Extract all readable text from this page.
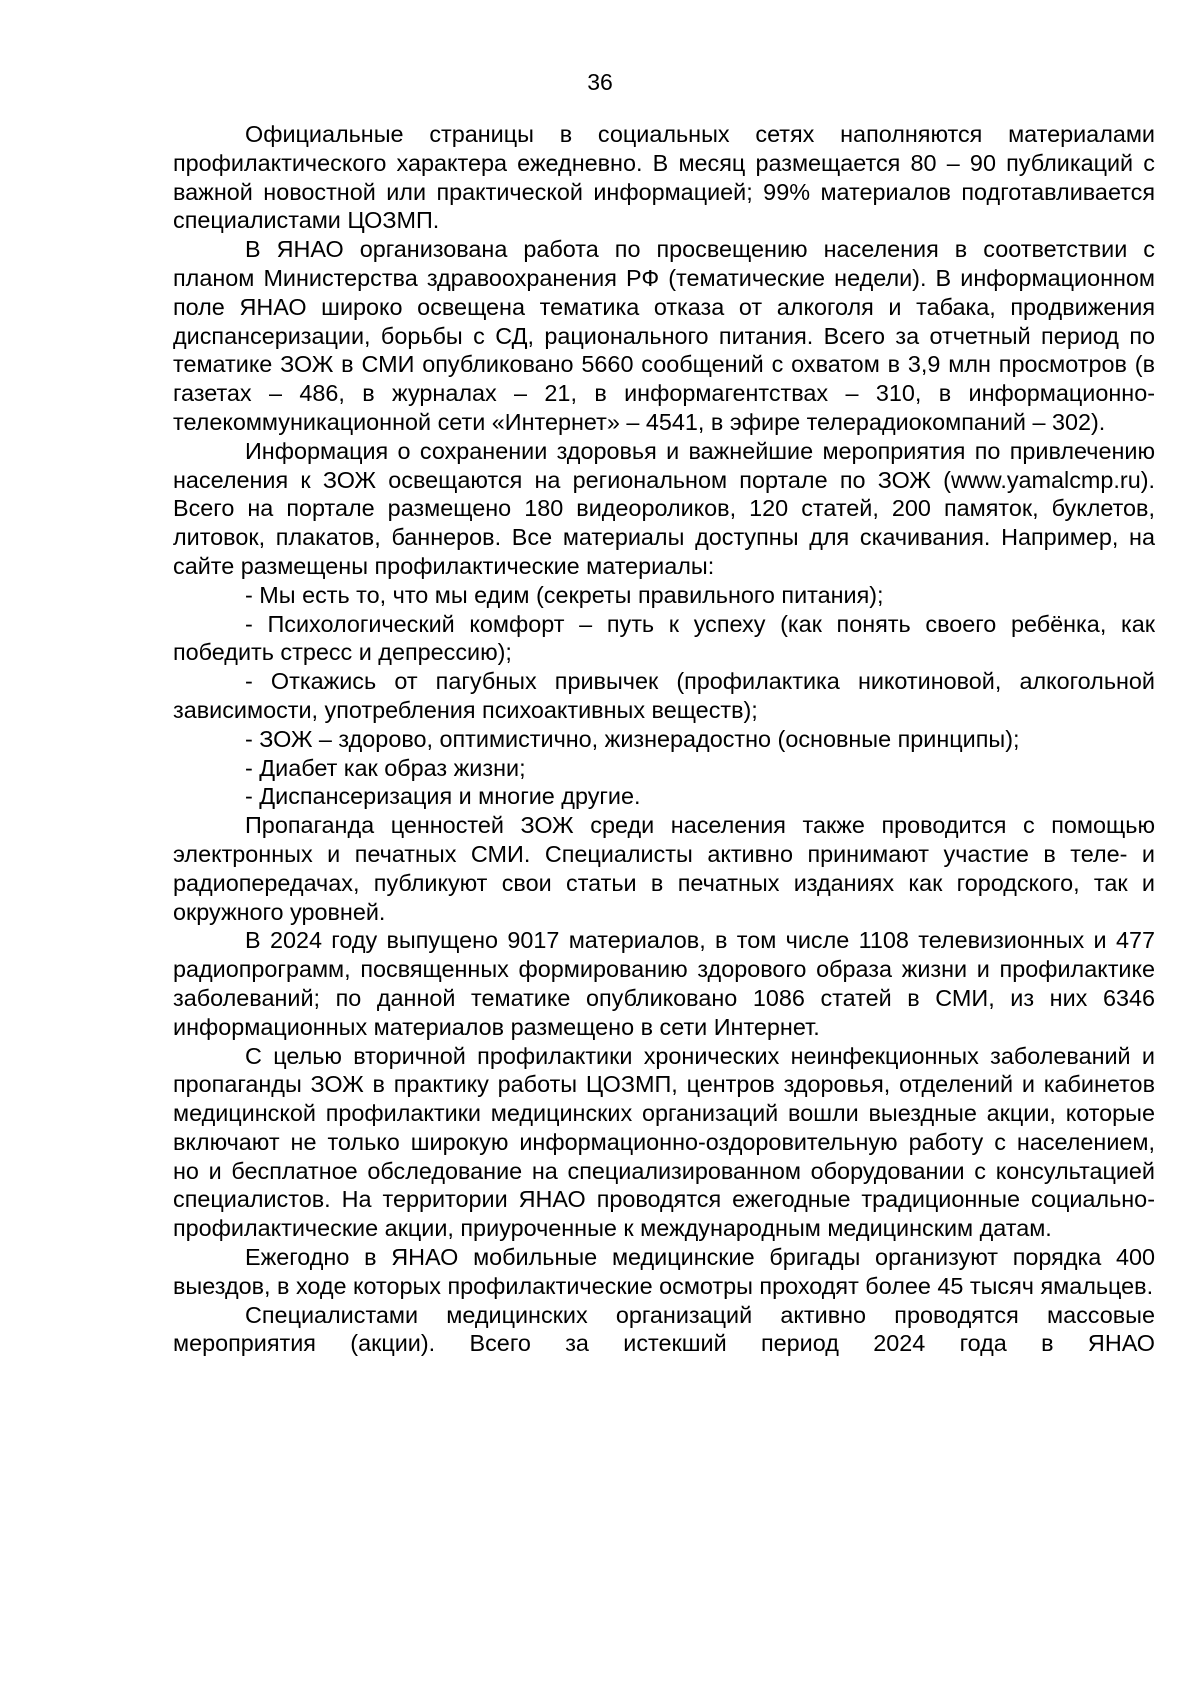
36

Официальные страницы в социальных сетях наполняются материалами профилактического характера ежедневно. В месяц размещается 80 – 90 публикаций с важной новостной или практической информацией; 99% материалов подготавливается специалистами ЦОЗМП.

В ЯНАО организована работа по просвещению населения в соответствии с планом Министерства здравоохранения РФ (тематические недели). В информационном поле ЯНАО широко освещена тематика отказа от алкоголя и табака, продвижения диспансеризации, борьбы с СД, рационального питания. Всего за отчетный период по тематике ЗОЖ в СМИ опубликовано 5660 сообщений с охватом в 3,9 млн просмотров (в газетах – 486, в журналах – 21, в информагентствах – 310, в информационно-телекоммуникационной сети «Интернет» – 4541, в эфире телерадиокомпаний – 302).

Информация о сохранении здоровья и важнейшие мероприятия по привлечению населения к ЗОЖ освещаются на региональном портале по ЗОЖ (www.yamalcmp.ru). Всего на портале размещено 180 видеороликов, 120 статей, 200 памяток, буклетов, литовок, плакатов, баннеров. Все материалы доступны для скачивания. Например, на сайте размещены профилактические материалы:

- Мы есть то, что мы едим (секреты правильного питания);

- Психологический комфорт – путь к успеху (как понять своего ребёнка, как победить стресс и депрессию);

- Откажись от пагубных привычек (профилактика никотиновой, алкогольной зависимости, употребления психоактивных веществ);

- ЗОЖ – здорово, оптимистично, жизнерадостно (основные принципы);

- Диабет как образ жизни;

- Диспансеризация и многие другие.

Пропаганда ценностей ЗОЖ среди населения также проводится с помощью электронных и печатных СМИ. Специалисты активно принимают участие в теле- и радиопередачах, публикуют свои статьи в печатных изданиях как городского, так и окружного уровней.

В 2024 году выпущено 9017 материалов, в том числе 1108 телевизионных и 477 радиопрограмм, посвященных формированию здорового образа жизни и профилактике заболеваний; по данной тематике опубликовано 1086 статей в СМИ, из них 6346 информационных материалов размещено в сети Интернет.

С целью вторичной профилактики хронических неинфекционных заболеваний и пропаганды ЗОЖ в практику работы ЦОЗМП, центров здоровья, отделений и кабинетов медицинской профилактики медицинских организаций вошли выездные акции, которые включают не только широкую информационно-оздоровительную работу с населением, но и бесплатное обследование на специализированном оборудовании с консультацией специалистов. На территории ЯНАО проводятся ежегодные традиционные социально-профилактические акции, приуроченные к международным медицинским датам.

Ежегодно в ЯНАО мобильные медицинские бригады организуют порядка 400 выездов, в ходе которых профилактические осмотры проходят более 45 тысяч ямальцев.

Специалистами медицинских организаций активно проводятся массовые мероприятия (акции). Всего за истекший период 2024 года в ЯНАО
